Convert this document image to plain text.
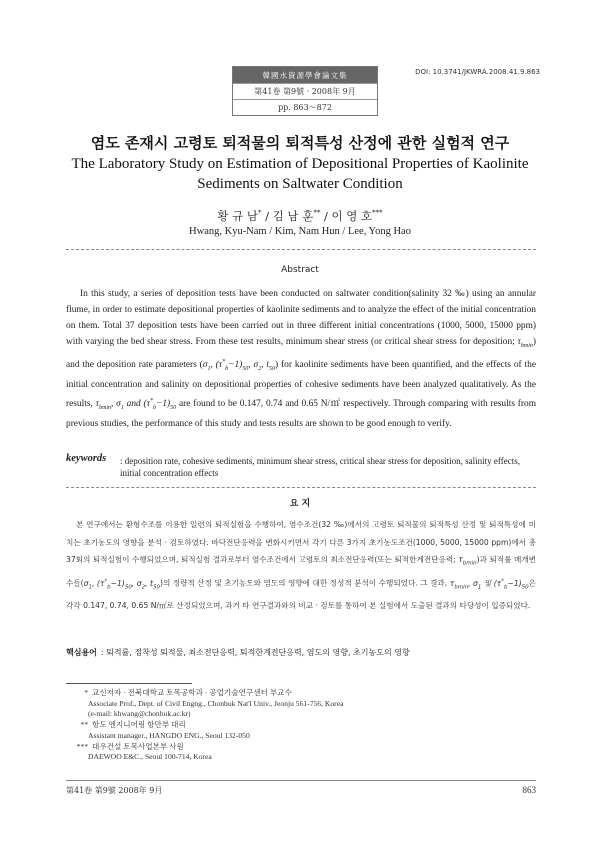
韓國水資源學會論文集
第41卷 第9號 · 2008年 9月
pp. 863～872
DOI: 10.3741/JKWRA.2008.41.9.863
염도 존재시 고령토 퇴적물의 퇴적특성 산정에 관한 실험적 연구
The Laboratory Study on Estimation of Depositional Properties of Kaolinite Sediments on Saltwater Condition
황 규 남* / 김 남 훈** / 이 영 호***
Hwang, Kyu-Nam / Kim, Nam Hun / Lee, Yong Hao
Abstract

In this study, a series of deposition tests have been conducted on saltwater condition(salinity 32 ‰) using an annular flume, in order to estimate depositional properties of kaolinite sediments and to analyze the effect of the initial concentration on them. Total 37 deposition tests have been carried out in three different initial concentrations (1000, 5000, 15000 ppm) with varying the bed shear stress. From these test results, minimum shear stress (or critical shear stress for deposition; $\tau_{bmin}$) and the deposition rate parameters ($\sigma_1$, $(\tau^*_b-1)_{50}$, $\sigma_2$, $t_{50}$) for kaolinite sediments have been quantified, and the effects of the initial concentration and salinity on depositional properties of cohesive sediments have been analyzed qualitatively. As the results, $\tau_{bmin}$, $\sigma_1$ and $(\tau^*_b-1)_{50}$ are found to be 0.147, 0.74 and 0.65 N/㎡ respectively. Through comparing with results from previous studies, the performance of this study and tests results are shown to be good enough to verify.

keywords : deposition rate, cohesive sediments, minimum shear stress, critical shear stress for deposition, salinity effects, initial concentration effects
요 지

본 연구에서는 환형수조를 이용한 일련의 퇴적실험을 수행하여, 염수조건(32 ‰)에서의 고령토 퇴적물의 퇴적특성 산정 및 퇴적특성에 미치는 초기농도의 영향을 분석 · 검토하였다. 바닥전단응력을 변화시키면서 각기 다른 3가지 초기농도조건(1000, 5000, 15000 ppm)에서 총 37회의 퇴적실험이 수행되었으며, 퇴적실험 결과로부터 염수조건에서 고령토의 최소전단응력(또는 퇴적한계전단응력; $\tau_{bmin}$)과 퇴적률 매개변수들($\sigma_1$, $(\tau^*_b-1)_{50}$, $\sigma_2$, $t_{50}$)의 정량적 산정 및 초기농도와 염도의 영향에 대한 정성적 분석이 수행되었다. 그 결과, $\tau_{bmin}$, $\sigma_1$ 및 $(\tau^*_b-1)_{50}$은 각각 0.147, 0.74, 0.65 N/㎡로 산정되었으며, 과거 타 연구결과와의 비교 · 검토를 통하여 본 실험에서 도출된 결과의 타당성이 입증되었다.

핵심용어 : 퇴적률, 점착성 퇴적물, 최소전단응력, 퇴적한계전단응력, 염도의 영향, 초기농도의 영향
* 교신저자 · 전북대학교 토목공학과 · 공업기술연구센터 부교수
Associate Prof., Dept. of Civil Engng., Chonbuk Nat'l Univ., Jeonju 561-756, Korea
(e-mail: khwang@chonbuk.ac.kr)
** 항도 엔지니어링 항만부 대리
Assistant manager., HANGDO ENG., Seoul 132-050
*** 대우건설 토목사업본부 사원
DAEWOO E&C., Seoul 100-714, Korea
第41卷 第9號 2008年 9月	863
